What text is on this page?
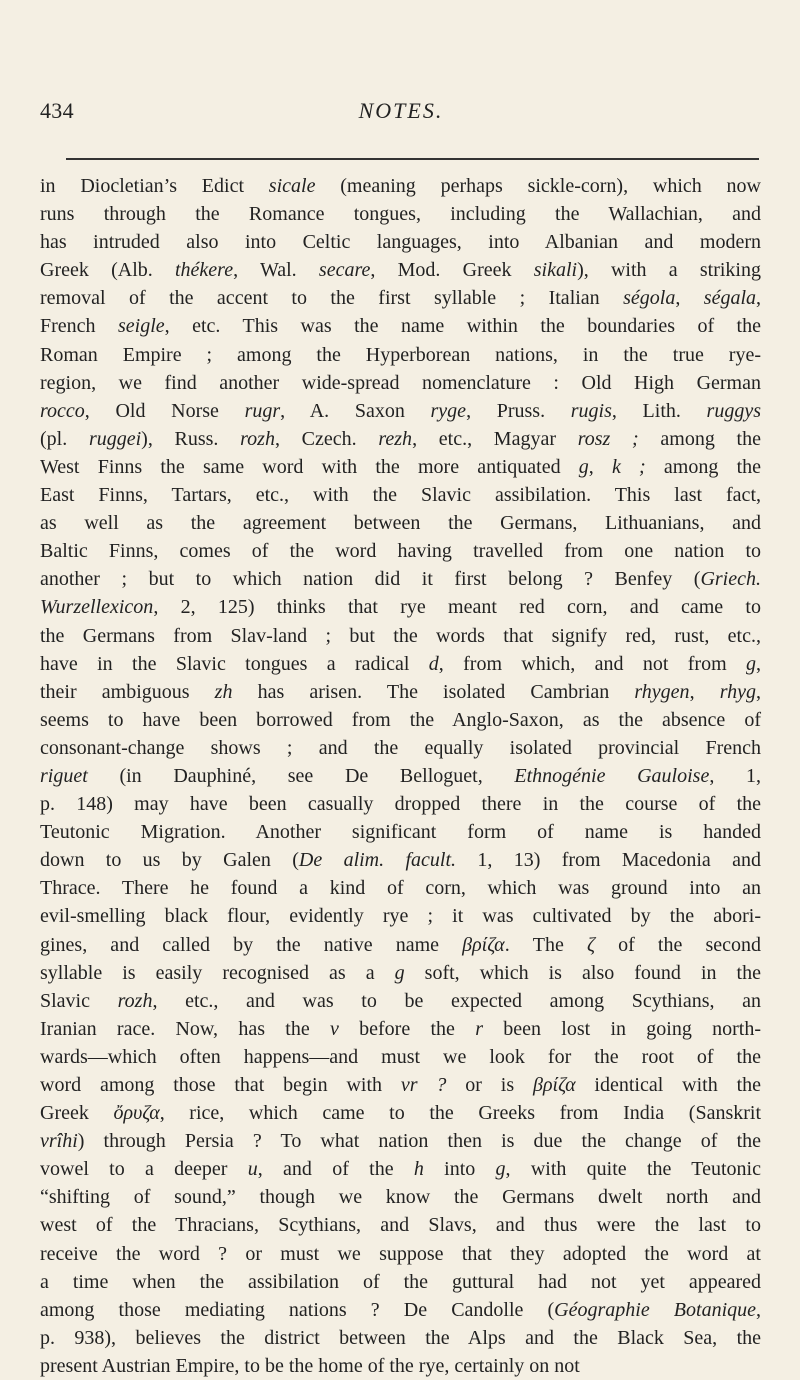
434	NOTES.
in Diocletian’s Edict sicale (meaning perhaps sickle-corn), which now
runs through the Romance tongues, including the Wallachian, and
has intruded also into Celtic languages, into Albanian and modern
Greek (Alb. thékere, Wal. secare, Mod. Greek sikali), with a striking
removal of the accent to the first syllable ; Italian ségola, ségala,
French seigle, etc. This was the name within the boundaries of the
Roman Empire ; among the Hyperborean nations, in the true rye-
region, we find another wide-spread nomenclature : Old High German
rocco, Old Norse rugr, A. Saxon ryge, Pruss. rugis, Lith. ruggys
(pl. ruggei), Russ. rozh, Czech. rezh, etc., Magyar rosz ; among the
West Finns the same word with the more antiquated g, k ; among the
East Finns, Tartars, etc., with the Slavic assibilation. This last fact,
as well as the agreement between the Germans, Lithuanians, and
Baltic Finns, comes of the word having travelled from one nation to
another ; but to which nation did it first belong ? Benfey (Griech.
Wurzellexicon, 2, 125) thinks that rye meant red corn, and came to
the Germans from Slav-land ; but the words that signify red, rust, etc.,
have in the Slavic tongues a radical d, from which, and not from g,
their ambiguous zh has arisen. The isolated Cambrian rhygen, rhyg,
seems to have been borrowed from the Anglo-Saxon, as the absence of
consonant-change shows ; and the equally isolated provincial French
riguet (in Dauphiné, see De Belloguet, Ethnogénie Gauloise, 1,
p. 148) may have been casually dropped there in the course of the
Teutonic Migration. Another significant form of name is handed
down to us by Galen (De alim. facult. 1, 13) from Macedonia and
Thrace. There he found a kind of corn, which was ground into an
evil-smelling black flour, evidently rye ; it was cultivated by the abori-
gines, and called by the native name βρίζα. The ζ of the second
syllable is easily recognised as a g soft, which is also found in the
Slavic rozh, etc., and was to be expected among Scythians, an
Iranian race. Now, has the v before the r been lost in going north-
wards—which often happens—and must we look for the root of the
word among those that begin with vr ? or is βρίζα identical with the
Greek ὄρυζα, rice, which came to the Greeks from India (Sanskrit
vrîhi) through Persia ? To what nation then is due the change of the
vowel to a deeper u, and of the h into g, with quite the Teutonic
“shifting of sound,” though we know the Germans dwelt north and
west of the Thracians, Scythians, and Slavs, and thus were the last to
receive the word ? or must we suppose that they adopted the word at
a time when the assibilation of the guttural had not yet appeared
among those mediating nations ? De Candolle (Géographie Botanique,
p. 938), believes the district between the Alps and the Black Sea, the
present Austrian Empire, to be the home of the rye, certainly on not
